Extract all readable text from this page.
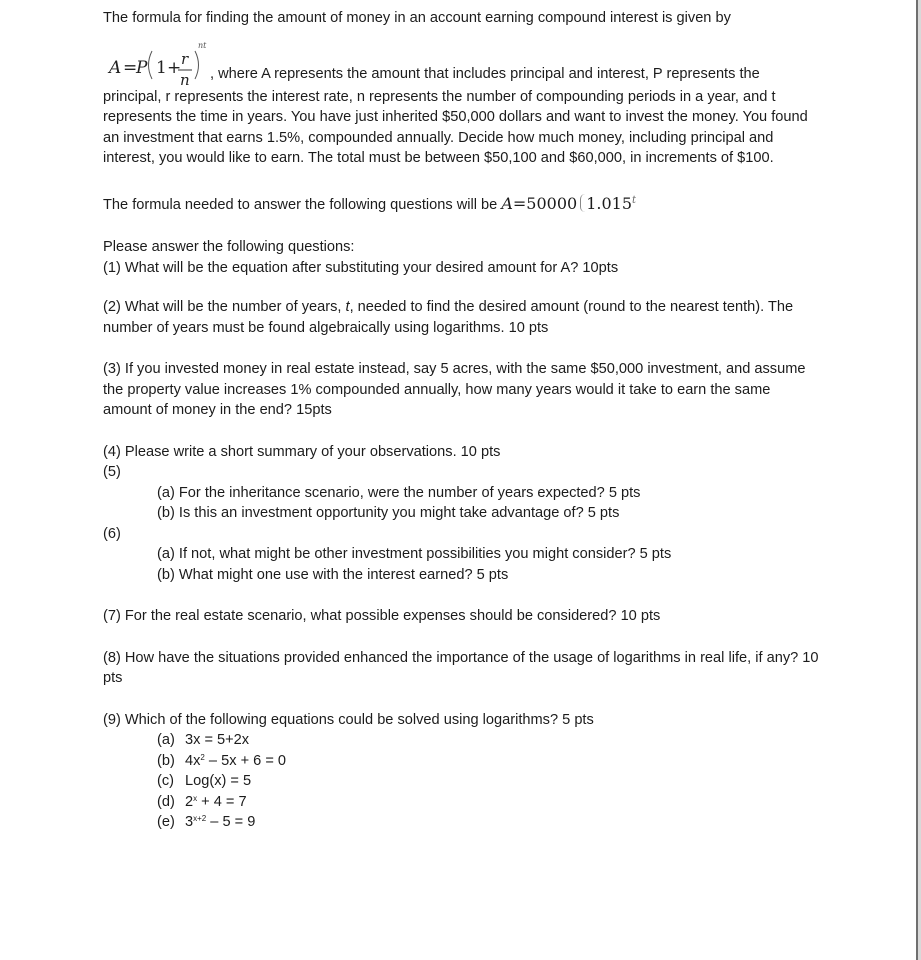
The formula for finding the amount of money in an account earning compound interest is given by

A =
P 1 + r
n
nt
, where A represents the amount that includes principal and interest, P represents the

principal, r represents the interest rate, n represents the number of compounding periods in a year, and t represents the time in years. You have just inherited $50,000 dollars and want to invest the money. You found an investment that earns 1.5%, compounded annually. Decide how much money, including principal and interest, you would like to earn. The total must be between $50,100 and $60,000, in increments of $100.

The formula needed to answer the following questions will be A=50000 1.015$^t$

Please answer the following questions:

(1) What will be the equation after substituting your desired amount for A? 10pts

(2) What will be the number of years, t, needed to find the desired amount (round to the nearest tenth). The number of years must be found algebraically using logarithms. 10 pts

(3) If you invested money in real estate instead, say 5 acres, with the same $50,000 investment, and assume the property value increases 1% compounded annually, how many years would it take to earn the same amount of money in the end? 15pts

(4) Please write a short summary of your observations. 10 pts

(5)

(a) For the inheritance scenario, were the number of years expected? 5 pts

(b) Is this an investment opportunity you might take advantage of? 5 pts

(6)

(a) If not, what might be other investment possibilities you might consider? 5 pts

(b) What might one use with the interest earned? 5 pts

(7) For the real estate scenario, what possible expenses should be considered? 10 pts

(8) How have the situations provided enhanced the importance of the usage of logarithms in real life, if any? 10 pts

(9) Which of the following equations could be solved using logarithms? 5 pts

(a) 3x = 5+2x

(b) $4x^2 - 5x + 6 = 0$

(c) Log(x) = 5

(d) $2^x + 4 = 7$

(e) $3^{x+2} - 5 = 9$
